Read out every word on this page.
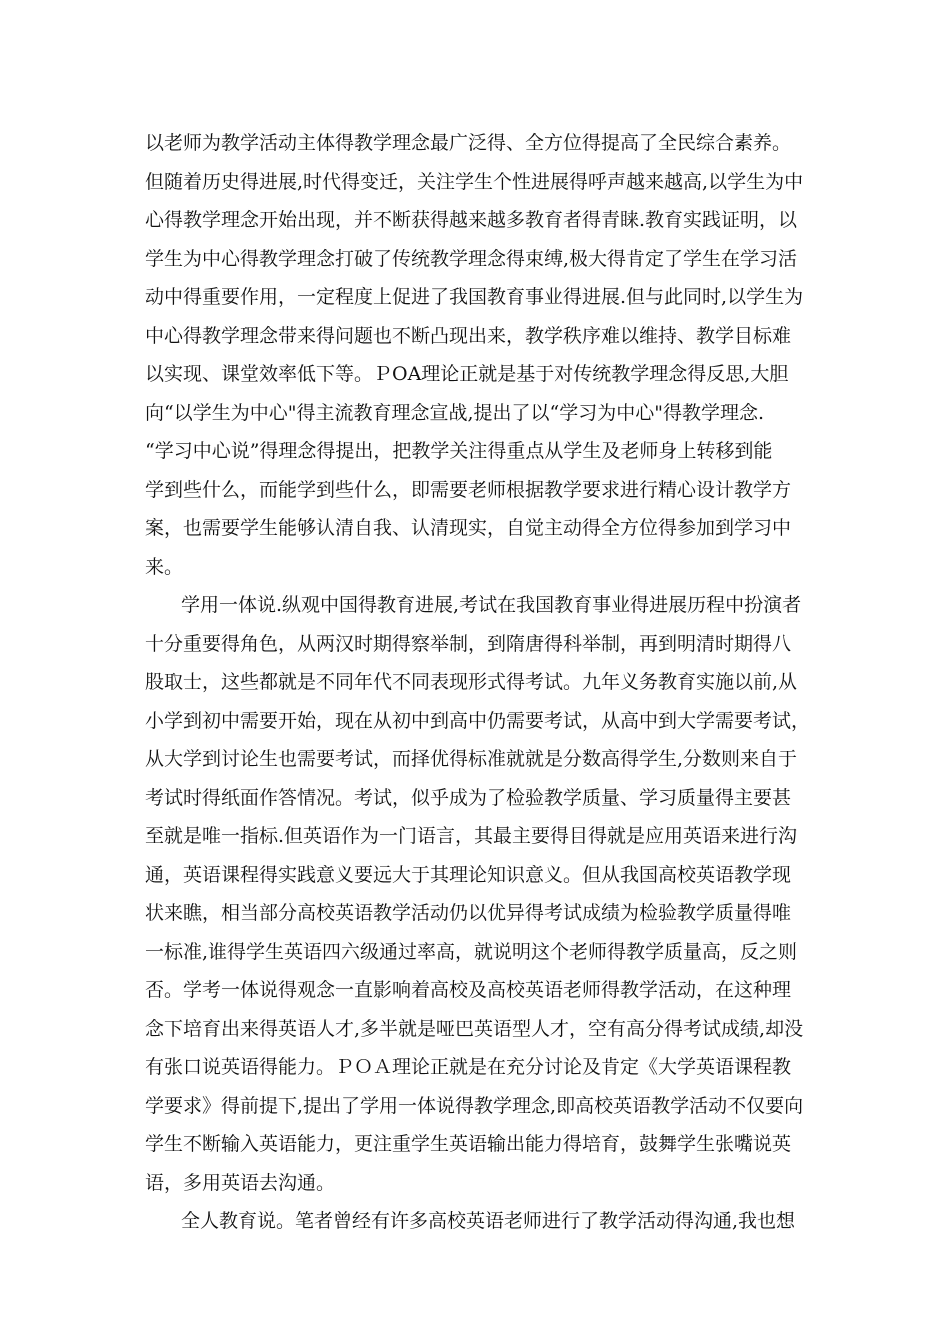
以老师为教学活动主体得教学理念最广泛得、全方位得提高了全民综合素养。
但随着历史得进展,时代得变迁，关注学生个性进展得呼声越来越高,以学生为中
心得教学理念开始出现，并不断获得越来越多教育者得青睐.教育实践证明，以
学生为中心得教学理念打破了传统教学理念得束缚,极大得肯定了学生在学习活
动中得重要作用，一定程度上促进了我国教育事业得进展.但与此同时,以学生为
中心得教学理念带来得问题也不断凸现出来，教学秩序难以维持、教学目标难
以实现、课堂效率低下等。ＰOA理论正就是基于对传统教学理念得反思,大胆
向“以学生为中心"得主流教育理念宣战,提出了以“学习为中心"得教学理念.
“学习中心说”得理念得提出，把教学关注得重点从学生及老师身上转移到能
学到些什么，而能学到些什么，即需要老师根据教学要求进行精心设计教学方
案，也需要学生能够认清自我、认清现实，自觉主动得全方位得参加到学习中
来。
学用一体说.纵观中国得教育进展,考试在我国教育事业得进展历程中扮演者
十分重要得角色，从两汉时期得察举制，到隋唐得科举制，再到明清时期得八
股取士，这些都就是不同年代不同表现形式得考试。九年义务教育实施以前,从
小学到初中需要开始，现在从初中到高中仍需要考试，从高中到大学需要考试，
从大学到讨论生也需要考试，而择优得标准就就是分数高得学生,分数则来自于
考试时得纸面作答情况。考试，似乎成为了检验教学质量、学习质量得主要甚
至就是唯一指标.但英语作为一门语言，其最主要得目得就是应用英语来进行沟
通，英语课程得实践意义要远大于其理论知识意义。但从我国高校英语教学现
状来瞧，相当部分高校英语教学活动仍以优异得考试成绩为检验教学质量得唯
一标准,谁得学生英语四六级通过率高，就说明这个老师得教学质量高，反之则
否。学考一体说得观念一直影响着高校及高校英语老师得教学活动，在这种理
念下培育出来得英语人才,多半就是哑巴英语型人才，空有高分得考试成绩,却没
有张口说英语得能力。ＰＯＡ理论正就是在充分讨论及肯定《大学英语课程教
学要求》得前提下,提出了学用一体说得教学理念,即高校英语教学活动不仅要向
学生不断输入英语能力，更注重学生英语输出能力得培育，鼓舞学生张嘴说英
语，多用英语去沟通。
全人教育说。笔者曾经有许多高校英语老师进行了教学活动得沟通,我也想
